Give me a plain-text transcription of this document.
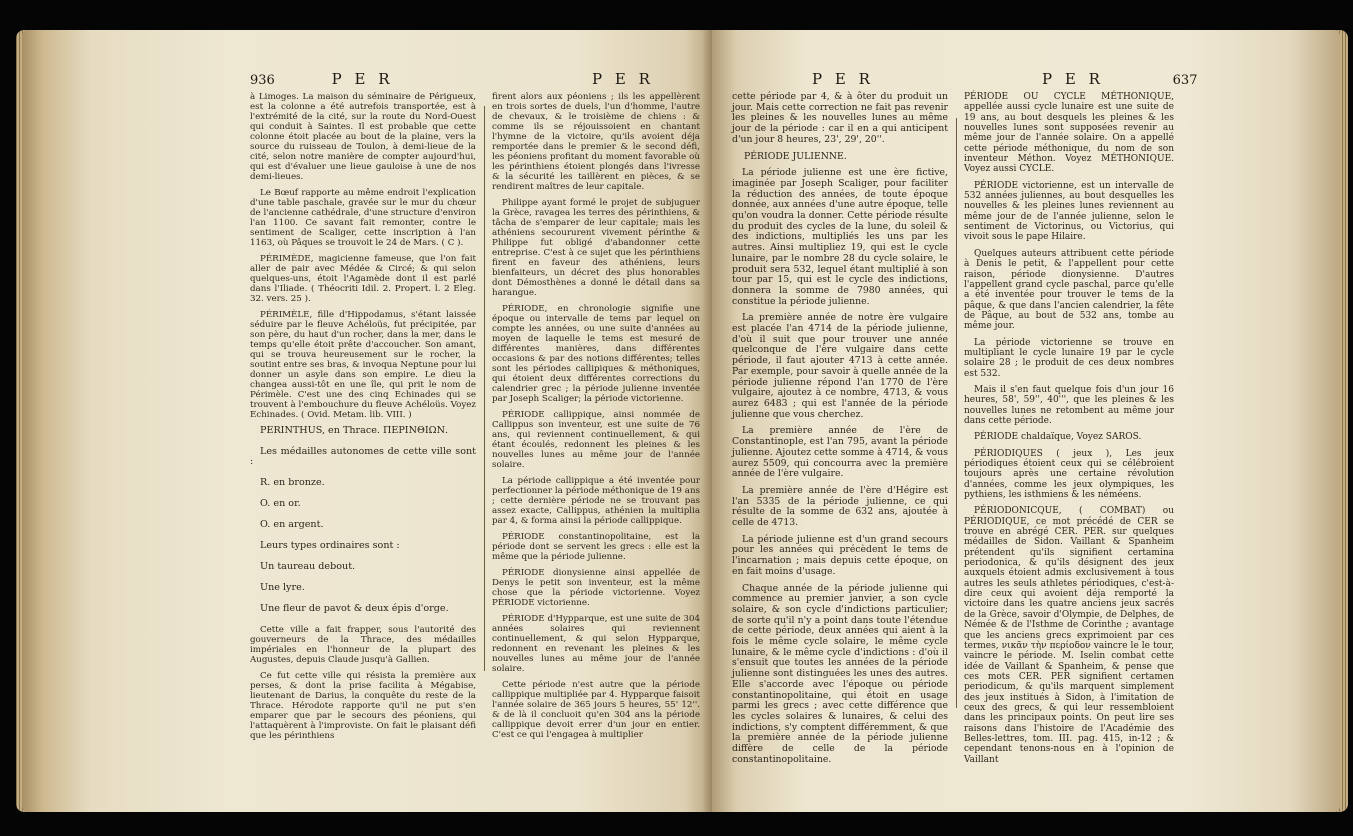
936	P E R	P E R

à Limoges. La maison du séminaire de Périgueux, est la colonne a été autrefois transportée, est à l'extrémité de la cité, sur la route du Nord-Ouest qui conduit à Saintes. Il est probable que cette colonne étoit placée au bout de la plaine, vers la source du ruisseau de Toulon, à demi-lieue de la cité, selon notre manière de compter aujourd'hui, qui est d'évaluer une lieue gauloise à une de nos demi-lieues.

Le Bœuf rapporte au même endroit l'explication d'une table paschale, gravée sur le mur du chœur de l'ancienne cathédrale, d'une structure d'environ l'an 1100. Ce savant fait remonter, contre le sentiment de Scaliger, cette inscription à l'an 1163, où Pâques se trouvoit le 24 de Mars. ( C ).

PÉRIMÈDE, magicienne fameuse, que l'on fait aller de pair avec Médée & Circé; & qui selon quelques-uns, étoit l'Agamède dont il est parlé dans l'Iliade. ( Théocriti Idil. 2. Propert. l. 2 Eleg. 32. vers. 25 ).

PÉRIMÈLE, fille d'Hippodamus, s'étant laissée séduire par le fleuve Achéloüs, fut précipitée, par son père, du haut d'un rocher, dans la mer, dans le temps qu'elle étoit prête d'accoucher. Son amant, qui se trouva heureusement sur le rocher, la soutint entre ses bras, & invoqua Neptune pour lui donner un asyle dans son empire. Le dieu la changea aussi-tôt en une île, qui prit le nom de Périmèle. C'est une des cinq Echinades qui se trouvent à l'embouchure du fleuve Achéloüs. Voyez Echinades. ( Ovid. Metam. lib. VIII. )

PERINTHUS, en Thrace. ΠΕΡΙΝΘΙΩΝ.

Les médailles autonomes de cette ville sont :

R. en bronze.

O. en or.

O. en argent.

Leurs types ordinaires sont :

Un taureau debout.

Une lyre.

Une fleur de pavot & deux épis d'orge.

Cette ville a fait frapper, sous l'autorité des gouverneurs de la Thrace, des médailles impériales en l'honneur de la plupart des Augustes, depuis Claude jusqu'à Gallien.

Ce fut cette ville qui résista la première aux perses, & dont la prise facilita à Mégabise, lieutenant de Darius, la conquête du reste de la Thrace. Hérodote rapporte qu'il ne put s'en emparer que par le secours des péoniens, qui l'attaquèrent à l'improviste. On fait le plaisant défi que les périnthiens

firent alors aux péoniens ; ils les appellèrent en trois sortes de duels, l'un d'homme, l'autre de chevaux, & le troisième de chiens : & comme ils se réjouissoient en chantant l'hymne de la victoire, qu'ils avoient déja remportée dans le premier & le second défi, les péoniens profitant du moment favorable où les périnthiens étoient plongés dans l'ivresse & la sécurité les taillèrent en pièces, & se rendirent maîtres de leur capitale.

Philippe ayant formé le projet de subjuguer la Grèce, ravagea les terres des périnthiens, & tâcha de s'emparer de leur capitale; mais les athéniens secoururent vivement périnthe & Philippe fut obligé d'abandonner cette entreprise. C'est à ce sujet que les périnthiens firent en faveur des athéniens, leurs bienfaiteurs, un décret des plus honorables dont Démosthènes a donné le détail dans sa harangue.

PÉRIODE, en chronologie signifie une époque ou intervalle de tems par lequel on compte les années, ou une suite d'années au moyen de laquelle le tems est mesuré de différentes manières, dans différentes occasions & par des notions différentes; telles sont les périodes callipiques & méthoniques, qui étoient deux différentes corrections du calendrier grec ; la période julienne inventée par Joseph Scaliger; la période victorienne.

PÉRIODE callippique, ainsi nommée de Callippus son inventeur, est une suite de 76 ans, qui reviennent continuellement, & qui étant écoulés, redonnent les pleines & les nouvelles lunes au même jour de l'année solaire.

La période callippique a été inventée pour perfectionner la période méthonique de 19 ans ; cette dernière période ne se trouvant pas assez exacte, Callippus, athénien la multiplia par 4, & forma ainsi la période callippique.

PÉRIODE constantinopolitaine, est la période dont se servent les grecs : elle est la même que la période julienne.

PÉRIODE dionysienne ainsi appellée de Denys le petit son inventeur, est la même chose que la période victorienne. Voyez PÉRIODE victorienne.

PÉRIODE d'Hypparque, est une suite de 304 années solaires qui reviennent continuellement, & qui selon Hypparque, redonnent en revenant les pleines & les nouvelles lunes au même jour de l'année solaire.

Cette période n'est autre que la période callippique multipliée par 4. Hypparque faisoit l'année solaire de 365 jours 5 heures, 55' 12''. & de là il concluoit qu'en 304 ans la période callippique devoit errer d'un jour en entier. C'est ce qui l'engagea à multiplier

P E R	P E R	637

cette période par 4, & à ôter du produit un jour. Mais cette correction ne fait pas revenir les pleines & les nouvelles lunes au même jour de la période : car il en a qui anticipent d'un jour 8 heures, 23', 29', 20''.

PÉRIODE JULIENNE.

La période julienne est une ère fictive, imaginée par Joseph Scaliger, pour faciliter la réduction des années, de toute époque donnée, aux années d'une autre époque, telle qu'on voudra la donner. Cette période résulte du produit des cycles de la lune, du soleil & des indictions, multipliés les uns par les autres. Ainsi multipliez 19, qui est le cycle lunaire, par le nombre 28 du cycle solaire, le produit sera 532, lequel étant multiplié à son tour par 15, qui est le cycle des indictions, donnera la somme de 7980 années, qui constitue la période julienne.

La première année de notre ère vulgaire est placée l'an 4714 de la période julienne, d'où il suit que pour trouver une année quelconque de l'ère vulgaire dans cette période, il faut ajouter 4713 à cette année. Par exemple, pour savoir à quelle année de la période julienne répond l'an 1770 de l'ère vulgaire, ajoutez à ce nombre, 4713, & vous aurez 6483 ; qui est l'année de la période julienne que vous cherchez.

La première année de l'ère de Constantinople, est l'an 795, avant la période julienne. Ajoutez cette somme à 4714, & vous aurez 5509, qui concourra avec la première année de l'ère vulgaire.

La première année de l'ère d'Hégire est l'an 5335 de la période julienne, ce qui résulte de la somme de 632 ans, ajoutée à celle de 4713.

La période julienne est d'un grand secours pour les années qui précèdent le tems de l'incarnation ; mais depuis cette époque, on en fait moins d'usage.

Chaque année de la période julienne qui commence au premier janvier, a son cycle solaire, & son cycle d'indictions particulier; de sorte qu'il n'y a point dans toute l'étendue de cette période, deux années qui aient à la fois le même cycle solaire, le même cycle lunaire, & le même cycle d'indictions : d'où il s'ensuit que toutes les années de la période julienne sont distinguées les unes des autres. Elle s'accorde avec l'époque ou période constantinopolitaine, qui étoit en usage parmi les grecs ; avec cette différence que les cycles solaires & lunaires, & celui des indictions, s'y comptent différemment, & que la première année de la période julienne diffère de celle de la période constantinopolitaine.

PÉRIODE OU CYCLE MÉTHONIQUE, appellée aussi cycle lunaire est une suite de 19 ans, au bout desquels les pleines & les nouvelles lunes sont supposées revenir au même jour de l'année solaire. On a appellé cette période méthonique, du nom de son inventeur Méthon. Voyez MÉTHONIQUE. Voyez aussi CYCLE.

PÉRIODE victorienne, est un intervalle de 532 années juliennes, au bout desquelles les nouvelles & les pleines lunes reviennent au même jour de de l'année julienne, selon le sentiment de Victorinus, ou Victorius, qui vivoit sous le pape Hilaire.

Quelques auteurs attribuent cette période à Denis le petit, & l'appellent pour cette raison, période dionysienne. D'autres l'appellent grand cycle paschal, parce qu'elle a été inventée pour trouver le tems de la pâque, & que dans l'ancien calendrier, la fête de Pâque, au bout de 532 ans, tombe au même jour.

La période victorienne se trouve en multipliant le cycle lunaire 19 par le cycle solaire 28 ; le produit de ces deux nombres est 532.

Mais il s'en faut quelque fois d'un jour 16 heures, 58', 59'', 40''', que les pleines & les nouvelles lunes ne retombent au même jour dans cette période.

PÉRIODE chaldaïque, Voyez SAROS.

PÉRIODIQUES ( jeux ), Les jeux périodiques étoient ceux qui se célébroient toujours après une certaine révolution d'années, comme les jeux olympiques, les pythiens, les isthmiens & les néméens.

PÉRIODONICQUE, ( COMBAT) ou PÉRIODIQUE, ce mot précédé de CER se trouve en abrégé CER. PER. sur quelques médailles de Sidon. Vaillant & Spanheim prétendent qu'ils signifient certamina periodonica, & qu'ils désignent des jeux auxquels étoient admis exclusivement à tous autres les seuls athletes périodiques, c'est-à-dire ceux qui avoient déja remporté la victoire dans les quatre anciens jeux sacrés de la Grèce, savoir d'Olympie, de Delphes, de Némée & de l'Isthme de Corinthe ; avantage que les anciens grecs exprimoient par ces termes, νικᾶν τὴν περίοδον vaincre le le tour, vaincre le période. M. Iselin combat cette idée de Vaillant & Spanheim, & pense que ces mots CER. PER signifient certamen periodicum, & qu'ils marquent simplement des jeux institués à Sidon, à l'imitation de ceux des grecs, & qui leur ressembloient dans les principaux points. On peut lire ses raisons dans l'histoire de l'Académie des Belles-lettres, tom. III. pag. 415, in-12 ; & cependant tenons-nous en à l'opinion de Vaillant
